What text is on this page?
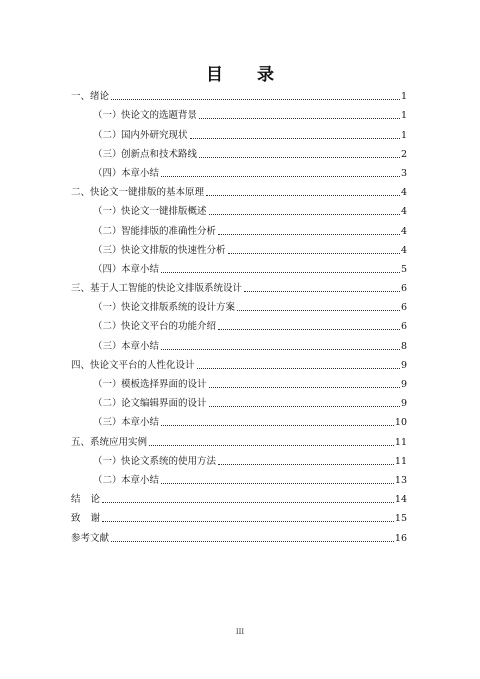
目 录
一、绪论	1
（一）快论文的选题背景	1
（二）国内外研究现状	1
（三）创新点和技术路线	2
（四）本章小结	3
二、快论文一键排版的基本原理	4
（一）快论文一键排版概述	4
（二）智能排版的准确性分析	4
（三）快论文排版的快速性分析	4
（四）本章小结	5
三、基于人工智能的快论文排版系统设计	6
（一）快论文排版系统的设计方案	6
（二）快论文平台的功能介绍	6
（三）本章小结	8
四、快论文平台的人性化设计	9
（一）模板选择界面的设计	9
（二）论文编辑界面的设计	9
（三）本章小结	10
五、系统应用实例	11
（一）快论文系统的使用方法	11
（二）本章小结	13
结论	14
致谢	15
参考文献	16
III
